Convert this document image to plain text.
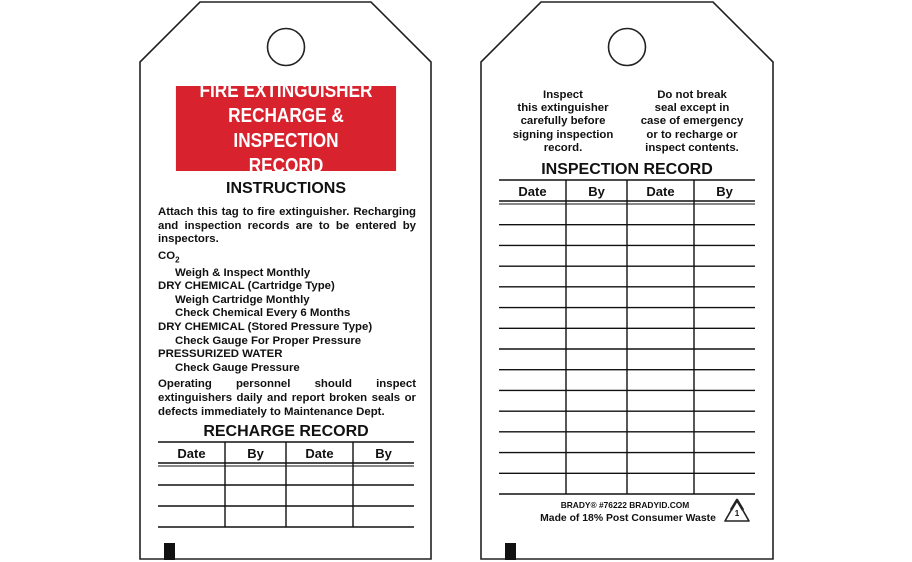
FIRE EXTINGUISHER
RECHARGE & INSPECTION
RECORD
INSTRUCTIONS

Attach this tag to fire extinguisher. Recharging and inspection records are to be entered by inspectors.

$CO_2$

Weigh & Inspect Monthly

DRY CHEMICAL (Cartridge Type)

Weigh Cartridge Monthly

Check Chemical Every 6 Months

DRY CHEMICAL (Stored Pressure Type)

Check Gauge For Proper Pressure

PRESSURIZED WATER

Check Gauge Pressure

Operating personnel should inspect extinguishers daily and report broken seals or defects immediately to Maintenance Dept.

RECHARGE RECORD
Date	By	Date	By
Inspect
this extinguisher
carefully before
signing inspection
record.
Do not break
seal except in
case of emergency
or to recharge or
inspect contents.
INSPECTION RECORD
Date	By	Date	By
BRADY® #76222 BRADYID.COM
Made of 18% Post Consumer Waste	1
